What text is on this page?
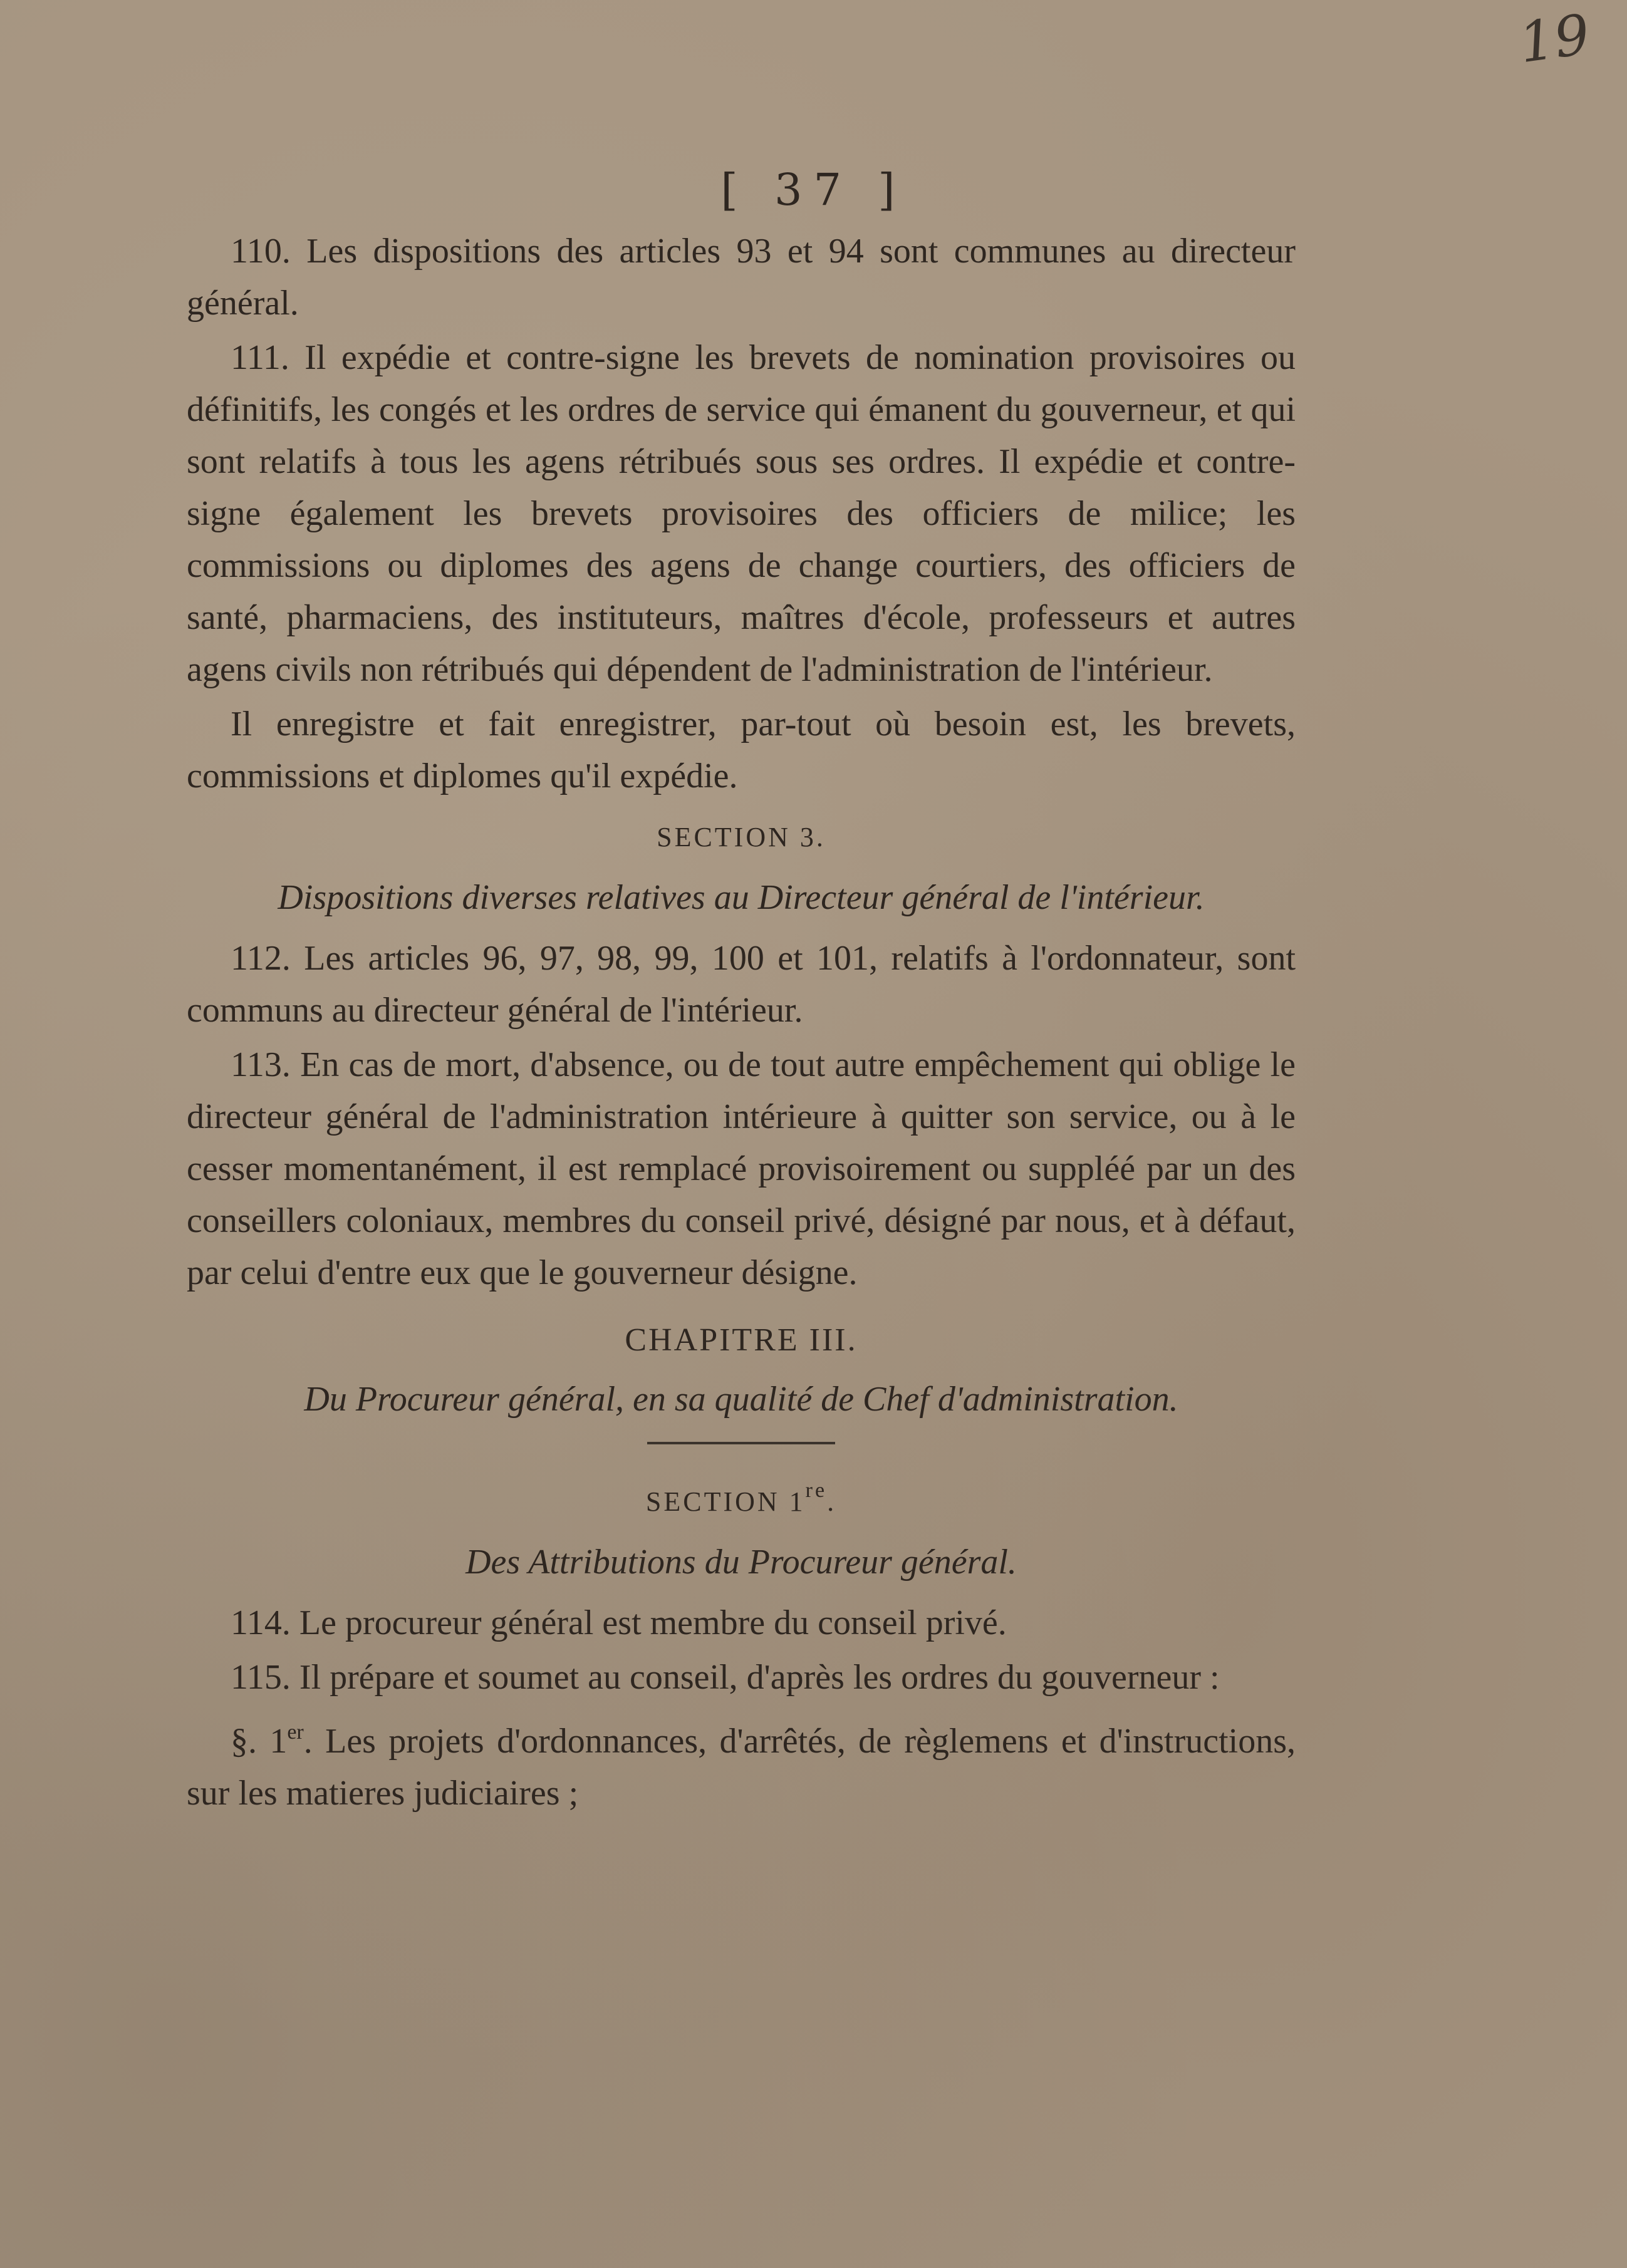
19
[ 37 ]

110. Les dispositions des articles 93 et 94 sont communes au directeur général.

111. Il expédie et contre-signe les brevets de nomination provisoires ou définitifs, les congés et les ordres de service qui émanent du gouverneur, et qui sont relatifs à tous les agens rétribués sous ses ordres. Il expédie et contre-signe également les brevets provisoires des officiers de milice; les commissions ou diplomes des agens de change courtiers, des officiers de santé, pharmaciens, des instituteurs, maîtres d'école, professeurs et autres agens civils non rétribués qui dépendent de l'administration de l'intérieur.

Il enregistre et fait enregistrer, par-tout où besoin est, les brevets, commissions et diplomes qu'il expédie.

SECTION 3.
Dispositions diverses relatives au Directeur général de l'intérieur.

112. Les articles 96, 97, 98, 99, 100 et 101, relatifs à l'ordonnateur, sont communs au directeur général de l'intérieur.

113. En cas de mort, d'absence, ou de tout autre empêchement qui oblige le directeur général de l'administration intérieure à quitter son service, ou à le cesser momentanément, il est remplacé provisoirement ou suppléé par un des conseillers coloniaux, membres du conseil privé, désigné par nous, et à défaut, par celui d'entre eux que le gouverneur désigne.

CHAPITRE III.
Du Procureur général, en sa qualité de Chef d'administration.
SECTION 1re.
Des Attributions du Procureur général.

114. Le procureur général est membre du conseil privé.

115. Il prépare et soumet au conseil, d'après les ordres du gouverneur :

§. 1er. Les projets d'ordonnances, d'arrêtés, de règlemens et d'instructions, sur les matieres judiciaires ;
